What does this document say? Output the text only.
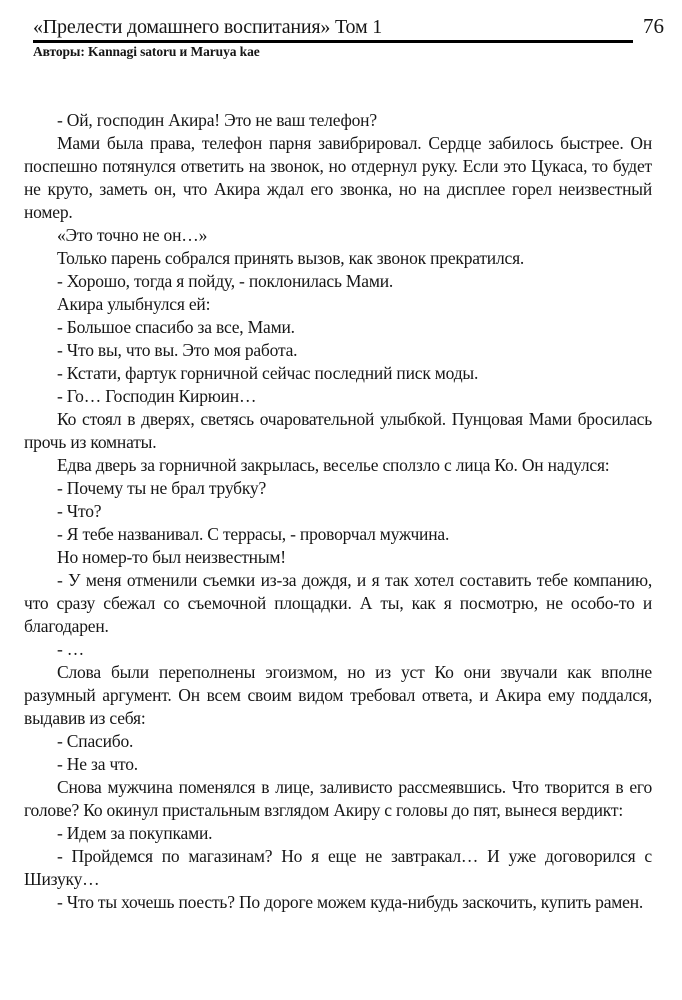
«Прелести домашнего воспитания» Том 1	76
Авторы: Kannagi satoru и Maruya kae

- Ой, господин Акира! Это не ваш телефон?

Мами была права, телефон парня завибрировал. Сердце забилось быстрее. Он поспешно потянулся ответить на звонок, но отдернул руку. Если это Цукаса, то будет не круто, заметь он, что Акира ждал его звонка, но на дисплее горел неизвестный номер.

«Это точно не он…»

Только парень собрался принять вызов, как звонок прекратился.

- Хорошо, тогда я пойду, - поклонилась Мами.

Акира улыбнулся ей:

- Большое спасибо за все, Мами.

- Что вы, что вы. Это моя работа.

- Кстати, фартук горничной сейчас последний писк моды.

- Го… Господин Кирюин…

Ко стоял в дверях, светясь очаровательной улыбкой. Пунцовая Мами бросилась прочь из комнаты.

Едва дверь за горничной закрылась, веселье сползло с лица Ко. Он надулся:

- Почему ты не брал трубку?

- Что?

- Я тебе названивал. С террасы, - проворчал мужчина.

Но номер-то был неизвестным!

- У меня отменили съемки из-за дождя, и я так хотел составить тебе компанию, что сразу сбежал со съемочной площадки. А ты, как я посмотрю, не особо-то и благодарен.

- …

Слова были переполнены эгоизмом, но из уст Ко они звучали как вполне разумный аргумент. Он всем своим видом требовал ответа, и Акира ему поддался, выдавив из себя:

- Спасибо.

- Не за что.

Снова мужчина поменялся в лице, заливисто рассмеявшись. Что творится в его голове? Ко окинул пристальным взглядом Акиру с головы до пят, вынеся вердикт:

- Идем за покупками.

- Пройдемся по магазинам? Но я еще не завтракал… И уже договорился с Шизуку…

- Что ты хочешь поесть? По дороге можем куда-нибудь заскочить, купить рамен.
